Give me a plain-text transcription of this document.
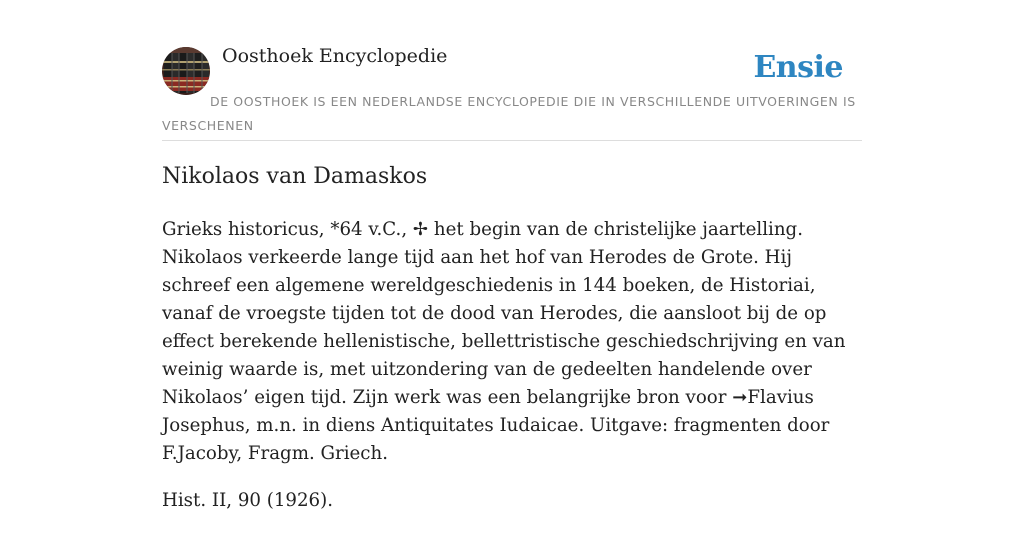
Oosthoek Encyclopedie	Ensie
DE OOSTHOEK IS EEN NEDERLANDSE ENCYCLOPEDIE DIE IN VERSCHILLENDE UITVOERINGEN IS VERSCHENEN
Nikolaos van Damaskos

Grieks historicus, *64 v.C., ✢ het begin van de christelijke jaartelling. Nikolaos verkeerde lange tijd aan het hof van Herodes de Grote. Hij schreef een algemene wereldgeschiedenis in 144 boeken, de Historiai, vanaf de vroegste tijden tot de dood van Herodes, die aansloot bij de op effect berekende hellenistische, bellettristische geschiedschrijving en van weinig waarde is, met uitzondering van de gedeelten handelende over Nikolaos’ eigen tijd. Zijn werk was een belangrijke bron voor ➞Flavius Josephus, m.n. in diens Antiquitates Iudaicae. Uitgave: fragmenten door F.Jacoby, Fragm. Griech.

Hist. II, 90 (1926).
